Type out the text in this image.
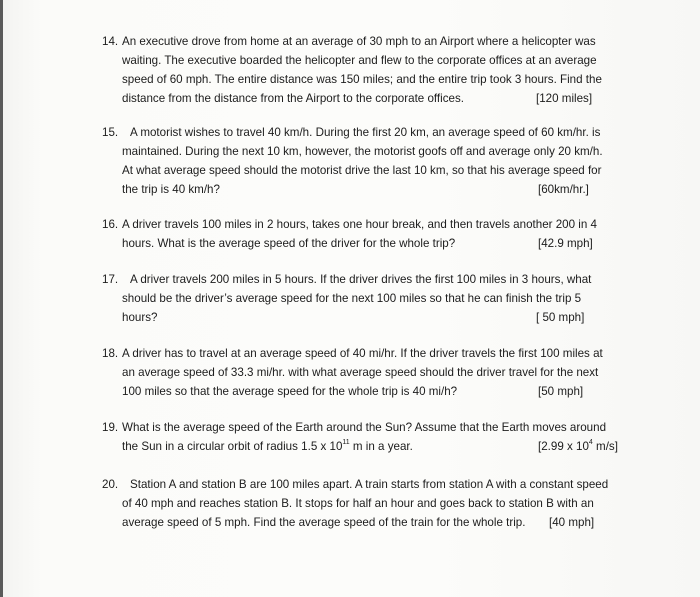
14. An executive drove from home at an average of 30 mph to an Airport where a helicopter was
waiting. The executive boarded the helicopter and flew to the corporate offices at an average
speed of 60 mph. The entire distance was 150 miles; and the entire trip took 3 hours. Find the
distance from the distance from the Airport to the corporate offices.	[120 miles]
15.	A motorist wishes to travel 40 km/h. During the first 20 km, an average speed of 60 km/hr. is
maintained. During the next 10 km, however, the motorist goofs off and average only 20 km/h.
At what average speed should the motorist drive the last 10 km, so that his average speed for
the trip is 40 km/h?	[60km/hr.]
16. A driver travels 100 miles in 2 hours, takes one hour break, and then travels another 200 in 4
hours. What is the average speed of the driver for the whole trip?	[42.9 mph]
17.	A driver travels 200 miles in 5 hours. If the driver drives the first 100 miles in 3 hours, what
should be the driver’s average speed for the next 100 miles so that he can finish the trip 5
hours?	[ 50 mph]
18. A driver has to travel at an average speed of 40 mi/hr. If the driver travels the first 100 miles at
an average speed of 33.3 mi/hr. with what average speed should the driver travel for the next
100 miles so that the average speed for the whole trip is 40 mi/h?	[50 mph]
19. What is the average speed of the Earth around the Sun? Assume that the Earth moves around
the Sun in a circular orbit of radius 1.5 x $10^{11}$ m in a year.	[2.99 x $10^4$ m/s]
20.	Station A and station B are 100 miles apart. A train starts from station A with a constant speed
of 40 mph and reaches station B. It stops for half an hour and goes back to station B with an
average speed of 5 mph. Find the average speed of the train for the whole trip.	[40 mph]
